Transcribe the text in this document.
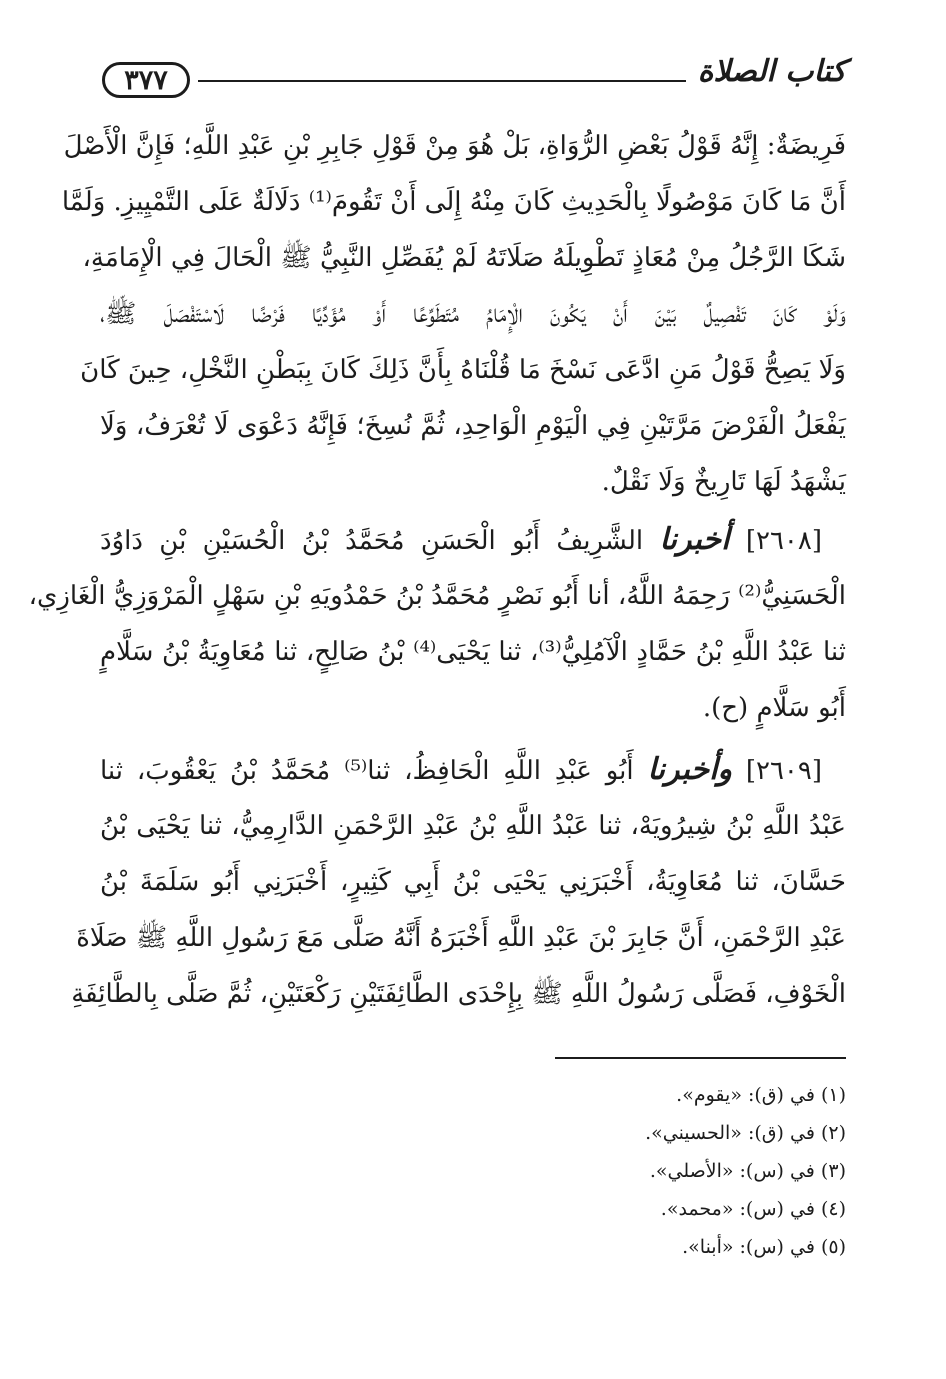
٣٧٧	كتاب الصلاة
فَرِيضَةٌ: إِنَّهُ قَوْلُ بَعْضِ الرُّوَاةِ، بَلْ هُوَ مِنْ قَوْلِ جَابِرِ بْنِ عَبْدِ اللَّهِ؛ فَإِنَّ الْأَصْلَ
أَنَّ مَا كَانَ مَوْصُولًا بِالْحَدِيثِ كَانَ مِنْهُ إِلَى أَنْ تَقُومَ⁽¹⁾ دَلَالَةٌ عَلَى التَّمْيِيزِ. وَلَمَّا
شَكَا الرَّجُلُ مِنْ مُعَاذٍ تَطْوِيلَهُ صَلَاتَهُ لَمْ يُفَصِّلِ النَّبِيُّ ﷺ الْحَالَ فِي الْإِمَامَةِ،
وَلَوْ كَانَ تَفْصِيلٌ بَيْنَ أَنْ يَكُونَ الْإِمَامُ مُتَطَوِّعًا أَوْ مُؤَدِّيًا فَرْضًا لَاسْتَفْصَلَ ﷺ،
وَلَا يَصِحُّ قَوْلُ مَنِ ادَّعَى نَسْخَ مَا قُلْنَاهُ بِأَنَّ ذَلِكَ كَانَ بِبَطْنِ النَّخْلِ، حِينَ كَانَ
يَفْعَلُ الْفَرْضَ مَرَّتَيْنِ فِي الْيَوْمِ الْوَاحِدِ، ثُمَّ نُسِخَ؛ فَإِنَّهُ دَعْوَى لَا تُعْرَفُ، وَلَا
يَشْهَدُ لَهَا تَارِيخٌ وَلَا نَقْلٌ.
[٢٦٠٨] أخبرنا الشَّرِيفُ أَبُو الْحَسَنِ مُحَمَّدُ بْنُ الْحُسَيْنِ بْنِ دَاوُدَ
الْحَسَنِيُّ⁽²⁾ رَحِمَهُ اللَّهُ، أنا أَبُو نَصْرٍ مُحَمَّدُ بْنُ حَمْدُويَهِ بْنِ سَهْلٍ الْمَرْوَزِيُّ الْغَازِي،
ثنا عَبْدُ اللَّهِ بْنُ حَمَّادٍ الْآمُلِيُّ⁽³⁾، ثنا يَحْيَى⁽⁴⁾ بْنُ صَالِحٍ، ثنا مُعَاوِيَةُ بْنُ سَلَّامٍ
أَبُو سَلَّامٍ (ح).
[٢٦٠٩] وأخبرنا أَبُو عَبْدِ اللَّهِ الْحَافِظُ، ثنا⁽⁵⁾ مُحَمَّدُ بْنُ يَعْقُوبَ، ثنا
عَبْدُ اللَّهِ بْنُ شِيرُويَهْ، ثنا عَبْدُ اللَّهِ بْنُ عَبْدِ الرَّحْمَنِ الدَّارِمِيُّ، ثنا يَحْيَى بْنُ
حَسَّانَ، ثنا مُعَاوِيَةُ، أَخْبَرَنِي يَحْيَى بْنُ أَبِي كَثِيرٍ، أَخْبَرَنِي أَبُو سَلَمَةَ بْنُ
عَبْدِ الرَّحْمَنِ، أَنَّ جَابِرَ بْنَ عَبْدِ اللَّهِ أَخْبَرَهُ أَنَّهُ صَلَّى مَعَ رَسُولِ اللَّهِ ﷺ صَلَاةَ
الْخَوْفِ، فَصَلَّى رَسُولُ اللَّهِ ﷺ بِإِحْدَى الطَّائِفَتَيْنِ رَكْعَتَيْنِ، ثُمَّ صَلَّى بِالطَّائِفَةِ
(١) في (ق): «يقوم».
(٢) في (ق): «الحسيني».
(٣) في (س): «الأصلي».
(٤) في (س): «محمد».
(٥) في (س): «أبنا».
